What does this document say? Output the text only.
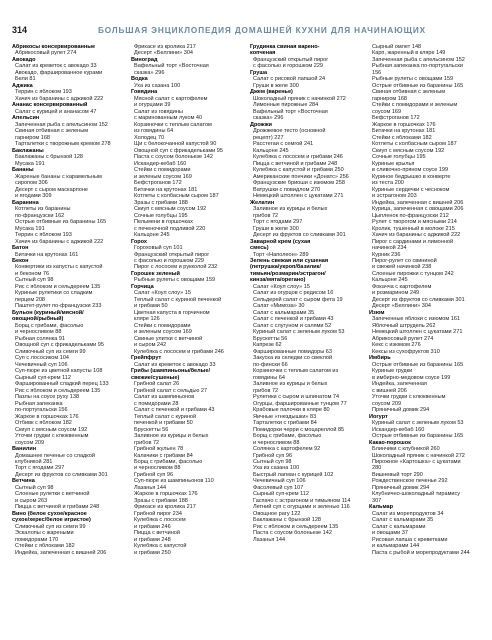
314	БОЛЬШАЯ ЭНЦИКЛОПЕДИЯ ДОМАШНЕЙ КУХНИ ДЛЯ НАЧИНАЮЩИХ
Абрикосы консервированные
Абрикосовый рулет 274
Авокадо
Салат из креветок с авокадо 33
Авокадо, фаршированное курами
Бели 81
Аджика
Террин с яблоком 193
Хачич из баранины с аджикой 222
Ананас консервированный
Салат с курицей и ананасом 47
Апельсин
Запеченная рыба с апельсином 152
Свиная отбивная с зеленым
гарниром 168
Тарталетки с творожным кремом 278
Баклажаны
Баклажаны с брынзой 128
Мусака 191
Бананы
Жареные бананы с карамельным
сиропом 306
Десерт с сыром маскарпоне
и ягодами 309
Баранина
Котлеты из баранины
по-французски 162
Острые отбивные из баранины 165
Мусака 191
Террин с яблоком 193
Хачич из баранины с аджикой 222
Батон
Битачки на крутонах 161
Бекон
Конвертики из капусты с капустой
и беконом 76
Сытный суп 98
Рис с яблоком и сельдереем 135
Куриные рулетики со сладким
перцем 208
Паштет-рулет по-французски 233
Бульон (куриный/мясной/
овощной/рыбный)
Борщ с грибами, фасолью
и черносливом 88
Рыбная солянка 91
Овощной суп с фрикадельками 95
Сливочный суп из семги 99
Суп с лососиком 104
Чечевичный суп 106
Суп-пюре из цветной капусты 108
Сырный суп-крем 112
Фаршированный сладкий перец 133
Рис с яблоком и сельдереем 135
Пазлы на соусе руху 138
Рыбная запеканка
по-португальски 156
Жаркое в горшочках 176
Отбивк с яблоком 182
Скиуп с мясным соусом 192
Уточки грудки с клюквенным
соусом 209
Ванилин
Домашнее печенье со сладкой
клубникой 281
Торт с ягодами 297
Десерт из фруктов со сливками 301
Ветчина
Сытный суп 98
Слоеные рулетки с ветчиной
и сыром 263
Пицца с ветчиной и грибами 248
Вино (белое сухое/красное
сухое/херес/белое игристое)
Сливочный суп из семги 99
Эскалопы с жареными
помидорами 170
Стейки с яблоками 182
Индейка, запеченная с вишней 206
Фрикасе из кролика 217
Десерт «Беллини» 304
Виноград
Вафельный торт «Восточная
сказка» 296
Водка
Уха из сазана 100
Говядина
Мясной салат с картофелем
и огурцами 39
Салат из говядины
с маринованным луком 40
Корзиночки с теплым салатом
из говядины 64
Холодец 70
Щи с белокочанной капустой 90
Овощной суп с фрикадельками 95
Паста с соусом болоньезе 142
Искандер-кебаб 160
Стейки с помидорами
и зеленым соусом 169
Бефстроганов 172
Битачки на крутонах 181
Котлеты с колбасным сыром 187
Зразы с грибами 188
Скиуп с мясным соусом 192
Сочные голубцы 195
Пельмени в горшочках
с печеночной подливой 220
Кальцоне 245
Горох
Гороховый суп 101
Французский открытый пирог
с фасолью и горошком 229
Пирог с лососем и рукколой 232
Горошек зеленый
Рыбные рулеты с овощами 159
Горчица
Салат «Коул слоу» 15
Теплый салат с куриной печенкой
и грибами 50
Цветная капуста в горчичном
кляре 126
Стейки с помидорами
и зеленым соусом 169
Свиные улитки с ветчиной
и сыром 242
Кулебяка с лососем и грибами 246
Грейпфрут
Салат из креветок с авокадо 33
Грибы (шампиньоны/белые/
свежие/сушеные)
Грибной салат 26
Грибной салат с сельдью 27
Салат из шампиньонов
с помидорами 28
Салат с печенкой и грибами 43
Теплый салат с куриной
печенкой и грибами 50
Брускетты 56
Заливное из курицы и белых
грибов 72
Грибной жульен 78
Калачики с грибами 84
Борщ с грибами, фасолью
и черносливом 88
Грибной суп 96
Суп-пюре из шампиньонов 110
Лазанья 144
Жаркое в горшочках 176
Зразы с грибами 188
Фрикасе из кролика 217
Грибной пирог 234
Кулебяка с лососем
и грибами 246
Пицца с ветчиной
и грибами 248
Кулебяка с капустой
и грибами 250
Грудинка свиная варено-
копченая
Французский открытый пирог
с фасолью и горошком 229
Груша
Салат с рисовой лапшой 24
Груши в желе 300
Джем (варенье)
Шоколадный пряник с начинкой 272
Лимонные пирожные 284
Вафельный торт «Восточная
сказка» 296
Дрожжи
Дрожжевое тесто (основной
рецепт) 227
Расстегаи с семгой 241
Кальцоне 245
Кулебяка с лососем и грибами 246
Пицца с ветчиной и грибами 248
Кулебяка с капустой и грибами 250
Американские пончики «Донатс» 256
Французские бриоши с изюмом 258
Ватрушки с повидлом 270
Немецкий штоллен с цукатами 271
Желатин
Заливное из курицы и белых
грибов 72
Торт с ягодами 297
Груши в желе 300
Десерт из фруктов со сливками 301
Заварной крем (сухая
смесь)
Торт «Наполеон» 289
Зелень свежая или сушеная
(петрушка/укроп/базилик/
тимьян/розмарин/эстрагон/
кинза/мята/орегано)
Салат «Коул слоу» 15
Салат из огурцов с редисом 16
Сельдерей салат с сыром фета 19
Салат «Мимоза» 30
Салат с кальмарами 35
Салат с печенкой и грибами 43
Салат с слугуном и салями 52
Куриный салат с зеленым луком 53
Брускетты 56
Капрезе 62
Фаршированные помидоры 63
Закуска из селедки со свеклой
по-фински 66
Корзиночки с теплым салатом из
говядины 64
Заливное из курицы и белых
грибов 72
Рулетики с сыром и шпинатом 74
Огурцы, фаршированные тунцом 77
Крабовые палочки в кляре 80
Яичные «гнездышки» 83
Тарталетки с грибами 84
Помидорки черри с моцареллой 85
Борщ с грибами, фасолью
и черносливом 88
Солянка с картофелем 92
Грибной суп 96
Сытный суп 98
Уха из сазана 100
Быстрый лагман с курицей 102
Чечевичный суп 106
Фасолевый суп 107
Сырный суп-крем 112
Гаспачо с эстрагоном и тимьяном 114
Летний суп с огурцами и зеленью 116
Овощное рагу 122
Баклажаны с брынзой 128
Рис с яблоком и сельдереем 135
Паста с соусом болоньезе 142
Лазанья 144
Сырный омлет 148
Карп, жаренный в кляре 149
Запеченная рыба с апельсином 152
Рыбная запеканка по-португальски
156
Рыбные рулеты с овощами 159
Острые отбивные из баранины 165
Свиная отбивная с зеленым
гарниром 168
Стейки с помидорами и зеленым
соусом 169
Бефстроганов 172
Жаркое в горшочках 176
Битачки на крутонах 181
Стейки с яблоками 182
Котлеты с колбасным сыром 187
Скиуп с мясным соусом 192
Сочные голубцы 195
Куриные крылья
в сливочно-пряном соусе 199
Куриное бедрышко в конверте
из теста 200
Куриные сердечки с чесноком
и эстрагоном 203
Индейка, запеченная с вишней 206
Курица, запеченная с овощами 206
Цыпленок по-французски 212
Рулет с творогом и мясными 214
Кролик, тушенный в молоке 215
Хачич из баранины с аджикой 222
Пирог с сардинами и лимонной
начинкой 234
Курник 236
Пирог-рулет со свининой
и свежей начинкой 238
Слоеные пирожки с тунцом 242
Кальцоне 245
Фокачча с картофелем
и розмарином 249
Десерт из фруктов со сливками 301
Десерт «Беллини» 304
Изюм
Запеченные яблоки с изюмом 161
Яблочный штрудель 262
Немецкий штоллен с цукатами 271
Абрикосовый рулет 274
Кекс с изюмом 276
Кексы из сухофруктов 310
Имбирь
Острые отбивные из баранины 165
Куриные грудки
в имбирно-медовом соусе 199
Индейка, запеченная
с вишней 206
Уточки грудки с клюквенным
соусом 209
Пряничный домик 294
Йогурт
Куриный салат с зеленым луком 53
Искандер-кебаб 160
Острые отбивные из баранины 165
Какао-порошок
Блинчики с клубникой 260
Шоколадный пряник с начинкой 272
Пирожное «Картошка» с цукатами
280
Вишневый торт 290
Рождественское печенье 292
Пряничный домик 294
Клубнично-шоколадный тирамису
307
Кальмар
Салат из морепродуктов 34
Салат с кальмарами 35
Салат с кальмарами
и овощами 37
Рисовая лапша с креветками
и кальмарами 144
Паста с рыбой и морепродуктами 244
